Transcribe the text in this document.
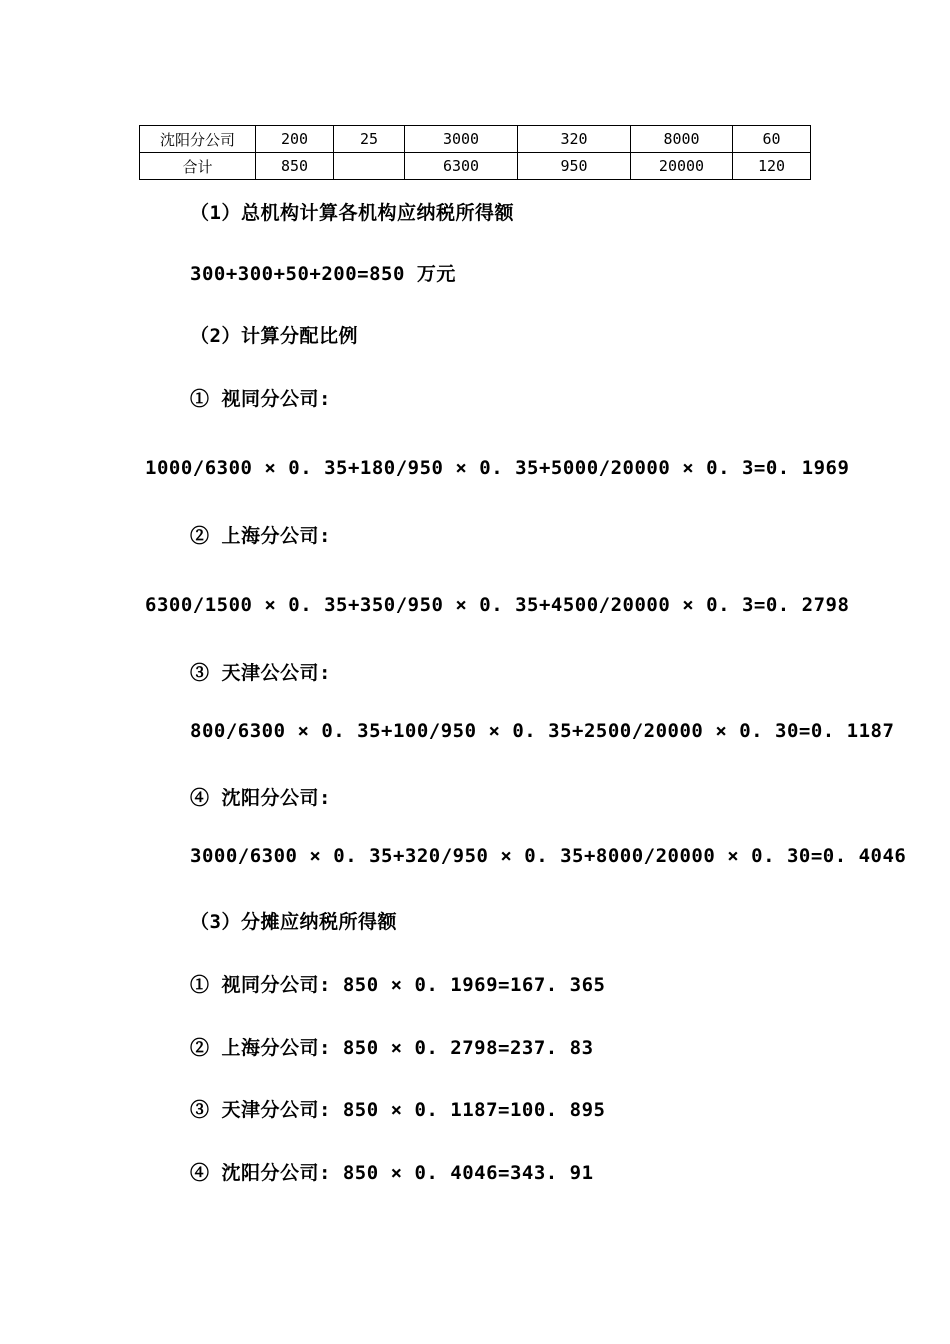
沈阳分公司	200	25	3000	320	8000	60
合计	850		6300	950	20000	120
（1）总机构计算各机构应纳税所得额
300+300+50+200=850 万元
（2）计算分配比例
① 视同分公司:
1000/6300 × 0. 35+180/950 × 0. 35+5000/20000 × 0. 3=0. 1969
② 上海分公司:
6300/1500 × 0. 35+350/950 × 0. 35+4500/20000 × 0. 3=0. 2798
③ 天津公公司:
800/6300 × 0. 35+100/950 × 0. 35+2500/20000 × 0. 30=0. 1187
④ 沈阳分公司:
3000/6300 × 0. 35+320/950 × 0. 35+8000/20000 × 0. 30=0. 4046
（3）分摊应纳税所得额
① 视同分公司: 850 × 0. 1969=167. 365
② 上海分公司: 850 × 0. 2798=237. 83
③ 天津分公司: 850 × 0. 1187=100. 895
④ 沈阳分公司: 850 × 0. 4046=343. 91
